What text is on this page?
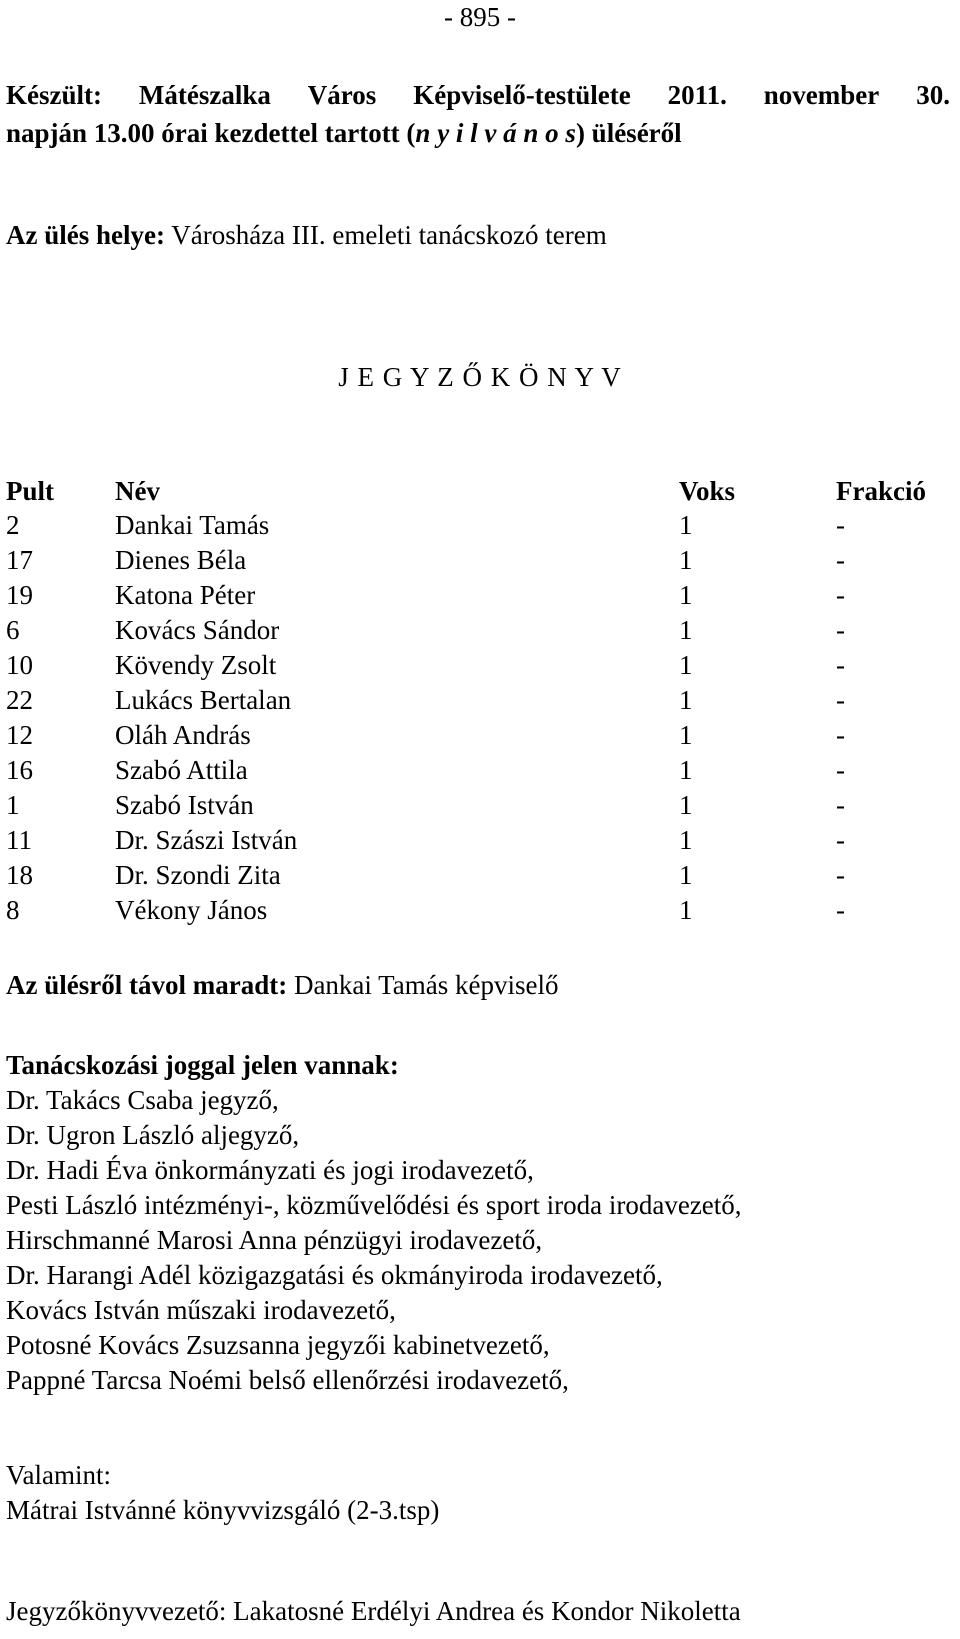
- 895 -
Készült: Mátészalka Város Képviselő-testülete 2011. november 30.
napján 13.00 órai kezdettel tartott (n y i l v á n o s) üléséről
Az ülés helye: Városháza III. emeleti tanácskozó terem
J E G Y Z Ő K Ö N Y V
Pult Név	Voks	Frakció
2	Dankai Tamás	1	-
17	Dienes Béla	1	-
19	Katona Péter	1	-
6	Kovács Sándor	1	-
10	Kövendy Zsolt	1	-
22	Lukács Bertalan	1	-
12	Oláh András	1	-
16	Szabó Attila	1	-
1	Szabó István	1	-
11	Dr. Szászi István	1	-
18	Dr. Szondi Zita	1	-
8	Vékony János	1	-
Az ülésről távol maradt: Dankai Tamás képviselő
Tanácskozási joggal jelen vannak:
Dr. Takács Csaba jegyző,
Dr. Ugron László aljegyző,
Dr. Hadi Éva önkormányzati és jogi irodavezető,
Pesti László intézményi-, közművelődési és sport iroda irodavezető,
Hirschmanné Marosi Anna pénzügyi irodavezető,
Dr. Harangi Adél közigazgatási és okmányiroda irodavezető,
Kovács István műszaki irodavezető,
Potosné Kovács Zsuzsanna jegyzői kabinetvezető,
Pappné Tarcsa Noémi belső ellenőrzési irodavezető,
Valamint:
Mátrai Istvánné könyvvizsgáló (2-3.tsp)
Jegyzőkönyvvezető: Lakatosné Erdélyi Andrea és Kondor Nikoletta
